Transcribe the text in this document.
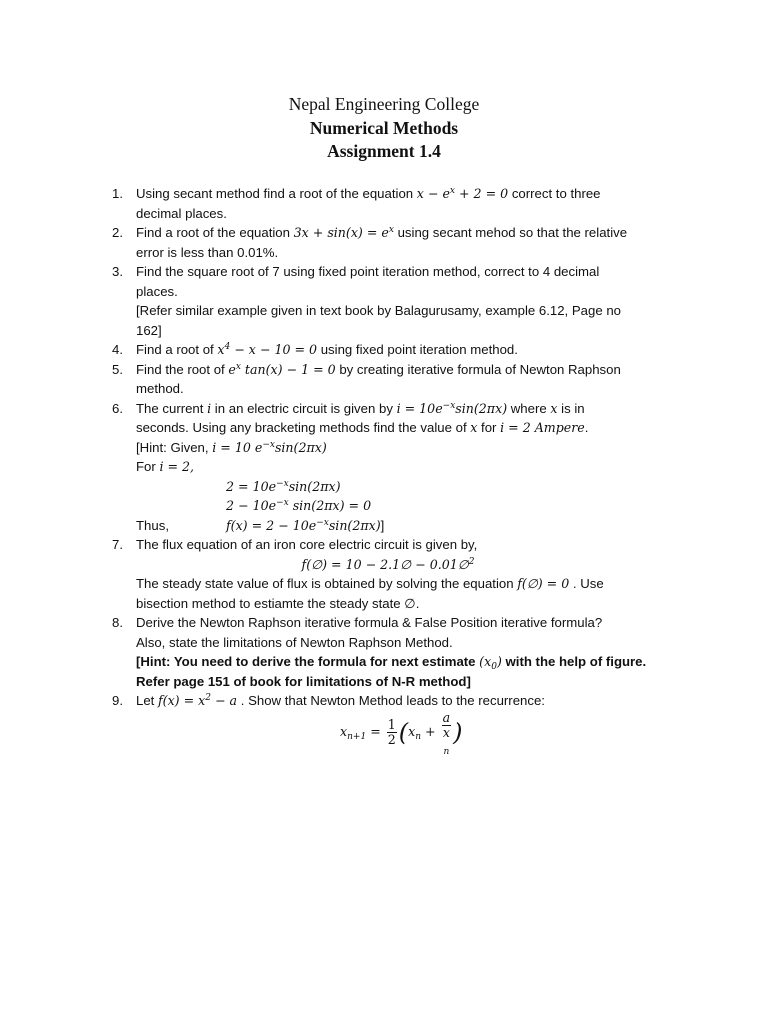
Nepal Engineering College
Numerical Methods
Assignment 1.4
1. Using secant method find a root of the equation $x - e^x + 2 = 0$ correct to three
decimal places.
2. Find a root of the equation $3x + \sin(x) = e^x$ using secant mehod so that the relative
error is less than 0.01%.
3. Find the square root of 7 using fixed point iteration method, correct to 4 decimal
places.
[Refer similar example given in text book by Balagurusamy, example 6.12, Page no
162]
4. Find a root of $x^4 - x - 10 = 0$ using fixed point iteration method.
5. Find the root of $e^x$ tan(x) − 1 = 0 by creating iterative formula of Newton Raphson
method.
6. The current i in an electric circuit is given by $i = 10e^{-x}\sin(2\pi x)$ where x is in
seconds. Using any bracketing methods find the value of x for i = 2 Ampere.
[Hint: Given, i = 10 $e^{-x}\sin(2\pi x)$
For i = 2,
$2 = 10e^{-x}\sin(2\pi x)$
$2 - 10e^{-x}$ sin(2πx) = 0
Thus,	$f(x) = 2 - 10e^{-x}\sin(2\pi x)$]
7. The flux equation of an iron core electric circuit is given by,
f(∅) = 10 − 2.1∅ − 0.01∅$^2$
The steady state value of flux is obtained by solving the equation f(∅) = 0 . Use
bisection method to estiamte the steady state ∅.
8. Derive the Newton Raphson iterative formula & False Position iterative formula?
Also, state the limitations of Newton Raphson Method.
[Hint: You need to derive the formula for next estimate $(x_0)$ with the help of figure.
Refer page 151 of book for limitations of N-R method]
9. Let $f(x) = x^2 - a$ . Show that Newton Method leads to the recurrence:
$x_{n+1} = \frac{1}{2} (x_n + a$
x
$_n$ )
